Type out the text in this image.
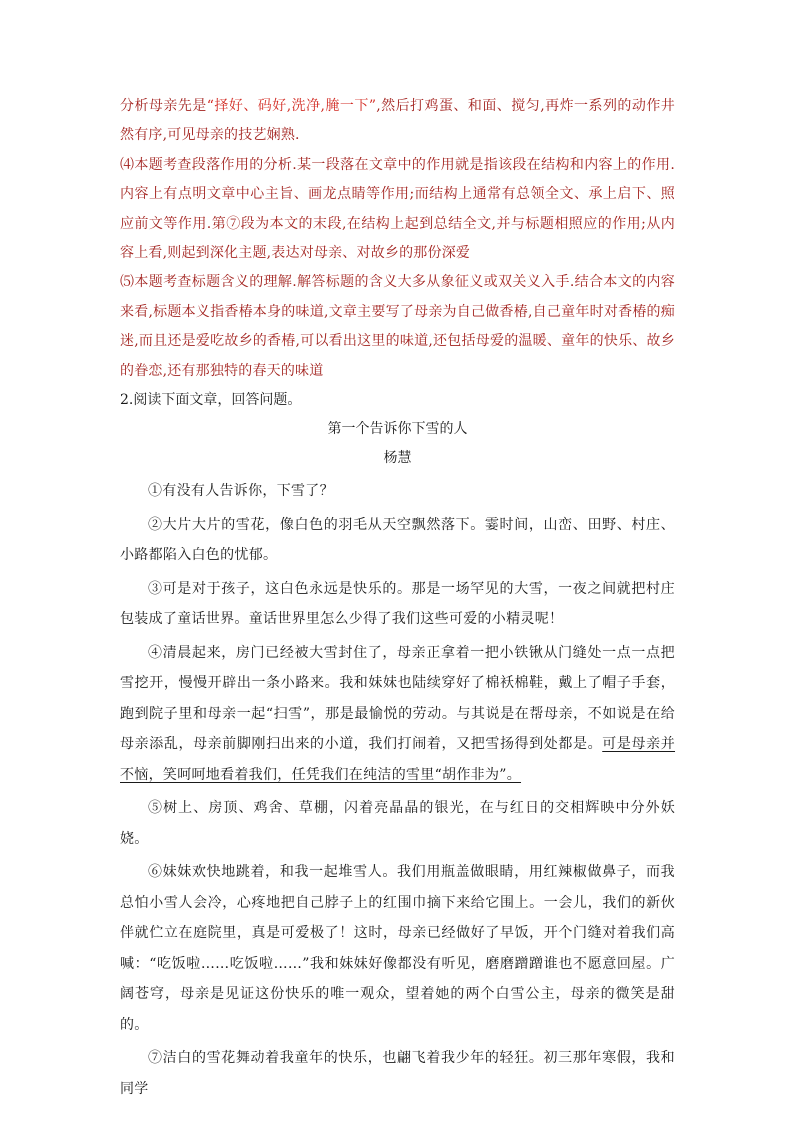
分析母亲先是“择好、码好,洗净,腌一下”,然后打鸡蛋、和面、搅匀,再炸一系列的动作井然有序,可见母亲的技艺娴熟.

⑷本题考查段落作用的分析.某一段落在文章中的作用就是指该段在结构和内容上的作用.内容上有点明文章中心主旨、画龙点睛等作用;而结构上通常有总领全文、承上启下、照应前文等作用.第⑦段为本文的末段,在结构上起到总结全文,并与标题相照应的作用;从内容上看,则起到深化主题,表达对母亲、对故乡的那份深爱

⑸本题考查标题含义的理解.解答标题的含义大多从象征义或双关义入手.结合本文的内容来看,标题本义指香椿本身的味道,文章主要写了母亲为自己做香椿,自己童年时对香椿的痴迷,而且还是爱吃故乡的香椿,可以看出这里的味道,还包括母爱的温暖、童年的快乐、故乡的眷恋,还有那独特的春天的味道

2.阅读下面文章，回答问题。

第一个告诉你下雪的人

杨慧

①有没有人告诉你，下雪了？

②大片大片的雪花，像白色的羽毛从天空飘然落下。霎时间，山峦、田野、村庄、小路都陷入白色的忧郁。

③可是对于孩子，这白色永远是快乐的。那是一场罕见的大雪，一夜之间就把村庄包装成了童话世界。童话世界里怎么少得了我们这些可爱的小精灵呢！

④清晨起来，房门已经被大雪封住了，母亲正拿着一把小铁锹从门缝处一点一点把雪挖开，慢慢开辟出一条小路来。我和妹妹也陆续穿好了棉袄棉鞋，戴上了帽子手套，跑到院子里和母亲一起“扫雪”，那是最愉悦的劳动。与其说是在帮母亲，不如说是在给母亲添乱，母亲前脚刚扫出来的小道，我们打闹着，又把雪扬得到处都是。可是母亲并不恼，笑呵呵地看着我们，任凭我们在纯洁的雪里“胡作非为”。

⑤树上、房顶、鸡舍、草棚，闪着亮晶晶的银光，在与红日的交相辉映中分外妖娆。

⑥妹妹欢快地跳着，和我一起堆雪人。我们用瓶盖做眼睛，用红辣椒做鼻子，而我总怕小雪人会冷，心疼地把自己脖子上的红围巾摘下来给它围上。一会儿，我们的新伙伴就伫立在庭院里，真是可爱极了！这时，母亲已经做好了早饭，开个门缝对着我们高喊：“吃饭啦……吃饭啦……”我和妹妹好像都没有听见，磨磨蹭蹭谁也不愿意回屋。广阔苍穹，母亲是见证这份快乐的唯一观众，望着她的两个白雪公主，母亲的微笑是甜的。

⑦洁白的雪花舞动着我童年的快乐，也翩飞着我少年的轻狂。初三那年寒假，我和同学
